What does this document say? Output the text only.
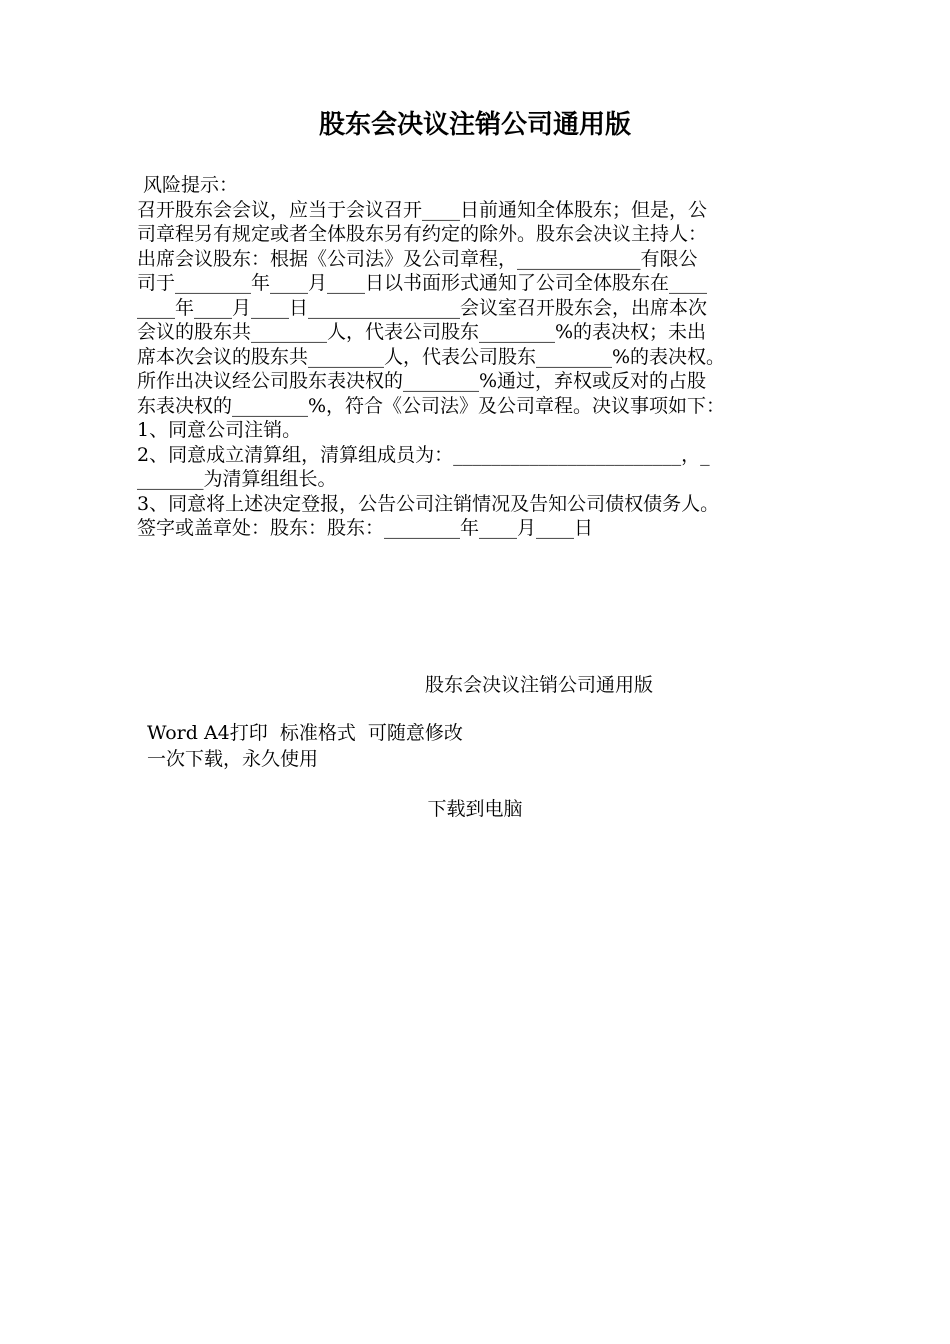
股东会决议注销公司通用版
风险提示：
召开股东会会议，应当于会议召开____日前通知全体股东；但是，公
司章程另有规定或者全体股东另有约定的除外。股东会决议主持人：
出席会议股东：根据《公司法》及公司章程，_____________有限公
司于________年____月____日以书面形式通知了公司全体股东在____
____年____月____日________________会议室召开股东会，出席本次
会议的股东共________人，代表公司股东________%的表决权；未出
席本次会议的股东共________人，代表公司股东________%的表决权。
所作出决议经公司股东表决权的________%通过，弃权或反对的占股
东表决权的________%，符合《公司法》及公司章程。决议事项如下：
1、同意公司注销。
2、同意成立清算组，清算组成员为：________________________，_
_______为清算组组长。
3、同意将上述决定登报，公告公司注销情况及告知公司债权债务人。
签字或盖章处：股东：股东：________年____月____日
股东会决议注销公司通用版
Word A4打印  标准格式  可随意修改
一次下载，永久使用
下载到电脑
